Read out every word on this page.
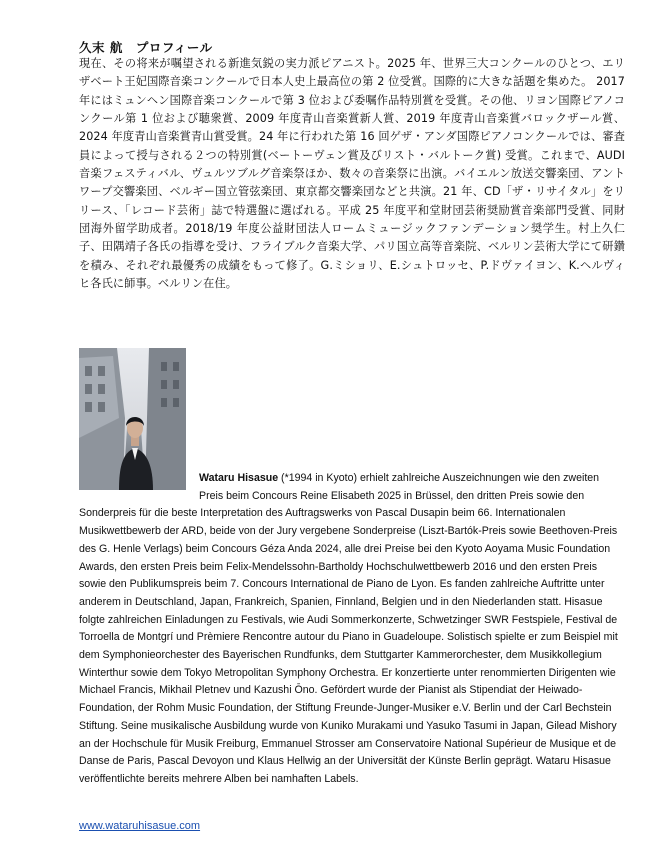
久末 航　プロフィール
現在、その将来が嘱望される新進気鋭の実力派ピアニスト。2025 年、世界三大コンクールのひとつ、エリザベート王妃国際音楽コンクールで日本人史上最高位の第 2 位受賞。国際的に大きな話題を集めた。 2017 年にはミュンヘン国際音楽コンクールで第 3 位および委嘱作品特別賞を受賞。その他、リヨン国際ピアノコンクール第 1 位および聴衆賞、2009 年度青山音楽賞新人賞、2019 年度青山音楽賞バロックザール賞、2024 年度青山音楽賞青山賞受賞。24 年に行われた第 16 回ゲザ・アンダ国際ピアノコンクールでは、審査員によって授与される２つの特別賞(ベートーヴェン賞及びリスト・バルトーク賞) 受賞。これまで、AUDI 音楽フェスティバル、ヴュルツブルグ音楽祭ほか、数々の音楽祭に出演。バイエルン放送交響楽団、アントワープ交響楽団、ベルギー国立管弦楽団、東京都交響楽団などと共演。21 年、CD「ザ・リサイタル」をリリース、「レコード芸術」誌で特選盤に選ばれる。平成 25 年度平和堂財団芸術奨励賞音楽部門受賞、同財団海外留学助成者。2018/19 年度公益財団法人ロームミュージックファンデーション奨学生。村上久仁子、田隅靖子各氏の指導を受け、フライブルク音楽大学、パリ国立高等音楽院、ベルリン芸術大学にて研鑽を積み、それぞれ最優秀の成績をもって修了。G.ミショリ、E.シュトロッセ、P.ドヴァイヨン、K.ヘルヴィヒ各氏に師事。ベルリン在住。
Wataru Hisasue (*1994 in Kyoto) erhielt zahlreiche Auszeichnungen wie den zweiten Preis beim Concours Reine Elisabeth 2025 in Brüssel, den dritten Preis sowie den Sonderpreis für die beste Interpretation des Auftragswerks von Pascal Dusapin beim 66. Internationalen Musikwettbewerb der ARD, beide von der Jury vergebene Sonderpreise (Liszt-Bartók-Preis sowie Beethoven-Preis des G. Henle Verlags) beim Concours Géza Anda 2024, alle drei Preise bei den Kyoto Aoyama Music Foundation Awards, den ersten Preis beim Felix-Mendelssohn-Bartholdy Hochschulwettbewerb 2016 und den ersten Preis sowie den Publikumspreis beim 7. Concours International de Piano de Lyon. Es fanden zahlreiche Auftritte unter anderem in Deutschland, Japan, Frankreich, Spanien, Finnland, Belgien und in den Niederlanden statt. Hisasue folgte zahlreichen Einladungen zu Festivals, wie Audi Sommerkonzerte, Schwetzinger SWR Festspiele, Festival de Torroella de Montgrí und Prèmiere Rencontre autour du Piano in Guadeloupe. Solistisch spielte er zum Beispiel mit dem Symphonieorchester des Bayerischen Rundfunks, dem Stuttgarter Kammerorchester, dem Musikkollegium Winterthur sowie dem Tokyo Metropolitan Symphony Orchestra. Er konzertierte unter renommierten Dirigenten wie Michael Francis, Mikhail Pletnev und Kazushi Ōno. Gefördert wurde der Pianist als Stipendiat der Heiwado-Foundation, der Rohm Music Foundation, der Stiftung Freunde-Junger-Musiker e.V. Berlin und der Carl Bechstein Stiftung. Seine musikalische Ausbildung wurde von Kuniko Murakami und Yasuko Tasumi in Japan, Gilead Mishory an der Hochschule für Musik Freiburg, Emmanuel Strosser am Conservatoire National Supérieur de Musique et de Danse de Paris, Pascal Devoyon und Klaus Hellwig an der Universität der Künste Berlin geprägt. Wataru Hisasue veröffentlichte bereits mehrere Alben bei namhaften Labels.
www.wataruhisasue.com
